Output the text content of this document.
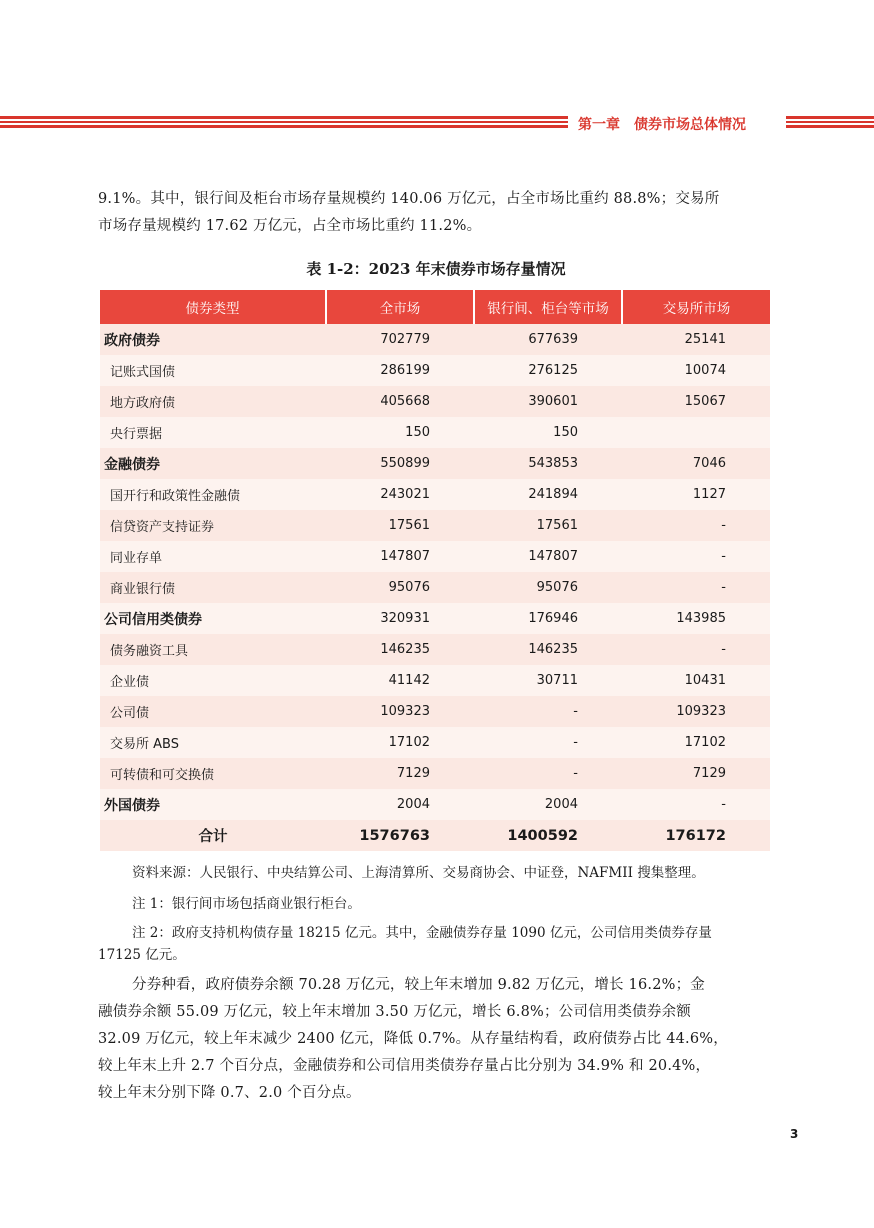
第一章　债券市场总体情况
9.1%。其中，银行间及柜台市场存量规模约 140.06 万亿元，占全市场比重约 88.8%；交易所
市场存量规模约 17.62 万亿元，占全市场比重约 11.2%。
表 1-2：2023 年末债券市场存量情况
债券类型	全市场	银行间、柜台等市场	交易所市场
政府债券	702779	677639	25141
记账式国债	286199	276125	10074
地方政府债	405668	390601	15067
央行票据	150	150	
金融债券	550899	543853	7046
国开行和政策性金融债	243021	241894	1127
信贷资产支持证券	17561	17561	-
同业存单	147807	147807	-
商业银行债	95076	95076	-
公司信用类债券	320931	176946	143985
债务融资工具	146235	146235	-
企业债	41142	30711	10431
公司债	109323	-	109323
交易所 ABS	17102	-	17102
可转债和可交换债	7129	-	7129
外国债券	2004	2004	-
合计	1576763	1400592	176172
资料来源：人民银行、中央结算公司、上海清算所、交易商协会、中证登，NAFMII 搜集整理。
注 1：银行间市场包括商业银行柜台。
注 2：政府支持机构债存量 18215 亿元。其中，金融债券存量 1090 亿元，公司信用类债券存量
17125 亿元。
分券种看，政府债券余额 70.28 万亿元，较上年末增加 9.82 万亿元，增长 16.2%；金
融债券余额 55.09 万亿元，较上年末增加 3.50 万亿元，增长 6.8%；公司信用类债券余额
32.09 万亿元，较上年末减少 2400 亿元，降低 0.7%。从存量结构看，政府债券占比 44.6%，
较上年末上升 2.7 个百分点，金融债券和公司信用类债券存量占比分别为 34.9% 和 20.4%，
较上年末分别下降 0.7、2.0 个百分点。
3
